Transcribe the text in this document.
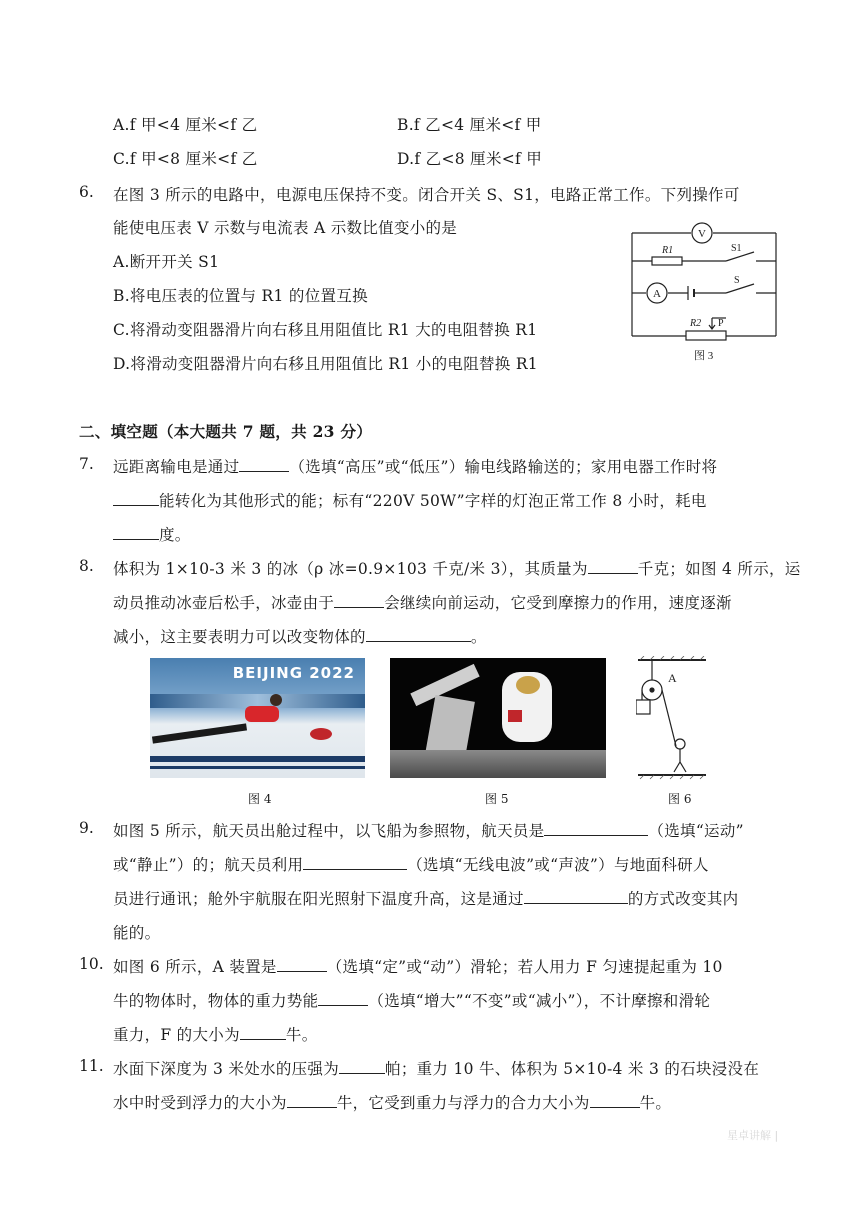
A.f 甲<4 厘米<f 乙	B.f 乙<4 厘米<f 甲
C.f 甲<8 厘米<f 乙	D.f 乙<8 厘米<f 甲
6. 在图 3 所示的电路中，电源电压保持不变。闭合开关 S、S1，电路正常工作。下列操作可
能使电压表 V 示数与电流表 A 示数比值变小的是
A.断开开关 S1
B.将电压表的位置与 R1 的位置互换
C.将滑动变阻器滑片向右移且用阻值比 R1 大的电阻替换 R1
D.将滑动变阻器滑片向右移且用阻值比 R1 小的电阻替换 R1
V
A
R1	S1
S
R2 P
图 3
二、填空题（本大题共 7 题，共 23 分）
7. 远距离输电是通过	（选填“高压”或“低压”）输电线路输送的；家用电器工作时将
能转化为其他形式的能；标有“220V 50W”字样的灯泡正常工作 8 小时，耗电
度。
8. 体积为 1×10-3 米 3 的冰（ρ 冰=0.9×103 千克/米 3），其质量为	千克；如图 4 所示，运
动员推动冰壶后松手，冰壶由于	会继续向前运动，它受到摩擦力的作用，速度逐渐
减小，这主要表明力可以改变物体的	。
BEIJING 2022
图 4	图 5
A
图 6
9. 如图 5 所示，航天员出舱过程中，以飞船为参照物，航天员是	（选填“运动”
或“静止”）的；航天员利用	（选填“无线电波”或“声波”）与地面科研人
员进行通讯；舱外宇航服在阳光照射下温度升高，这是通过	的方式改变其内
能的。
10. 如图 6 所示，A 装置是	（选填“定”或“动”）滑轮；若人用力 F 匀速提起重为 10
牛的物体时，物体的重力势能	（选填“增大”“不变”或“减小”），不计摩擦和滑轮
重力，F 的大小为	牛。
11. 水面下深度为 3 米处水的压强为	帕；重力 10 牛、体积为 5×10-4 米 3 的石块浸没在
水中时受到浮力的大小为	牛，它受到重力与浮力的合力大小为	牛。
星卓讲解 |
